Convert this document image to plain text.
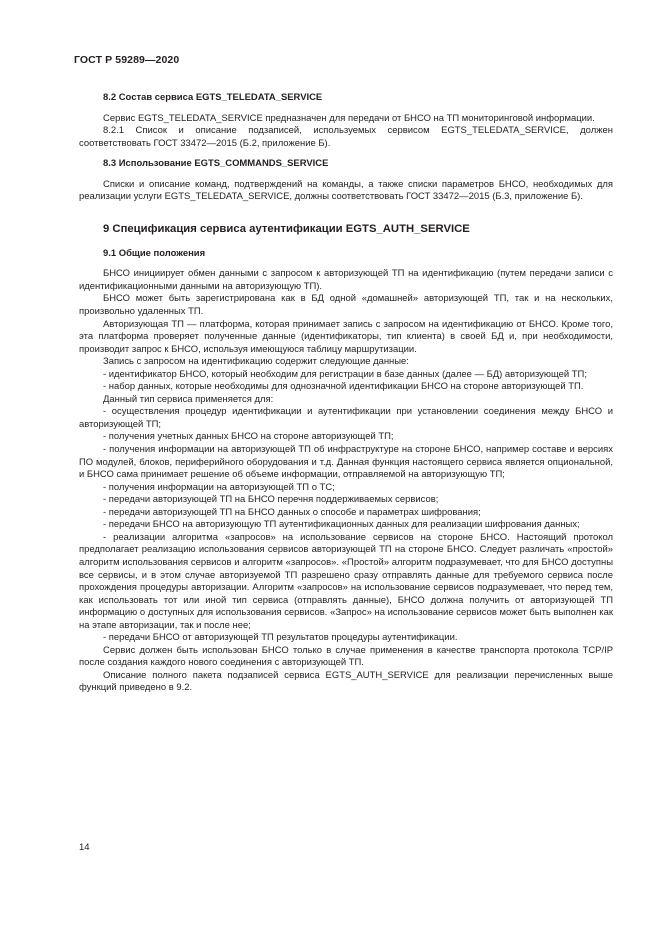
ГОСТ Р 59289—2020
8.2 Состав сервиса EGTS_TELEDATA_SERVICE

Сервис EGTS_TELEDATA_SERVICE предназначен для передачи от БНСО на ТП мониторинговой информации.

8.2.1 Список и описание подзаписей, используемых сервисом EGTS_TELEDATA_SERVICE, должен соответствовать ГОСТ 33472—2015 (Б.2, приложение Б).

8.3 Использование EGTS_COMMANDS_SERVICE

Списки и описание команд, подтверждений на команды, а также списки параметров БНСО, необходимых для реализации услуги EGTS_TELEDATA_SERVICE, должны соответствовать ГОСТ 33472—2015 (Б.3, приложение Б).

9 Спецификация сервиса аутентификации EGTS_AUTH_SERVICE
9.1 Общие положения

БНСО инициирует обмен данными с запросом к авторизующей ТП на идентификацию (путем передачи записи с идентификационными данными на авторизующую ТП).

БНСО может быть зарегистрирована как в БД одной «домашней» авторизующей ТП, так и на нескольких, произвольно удаленных ТП.

Авторизующая ТП — платформа, которая принимает запись с запросом на идентификацию от БНСО. Кроме того, эта платформа проверяет полученные данные (идентификаторы, тип клиента) в своей БД и, при необходимости, производит запрос к БНСО, используя имеющуюся таблицу маршрутизации.

Запись с запросом на идентификацию содержит следующие данные:

- идентификатор БНСО, который необходим для регистрации в базе данных (далее — БД) авторизующей ТП;

- набор данных, которые необходимы для однозначной идентификации БНСО на стороне авторизующей ТП.

Данный тип сервиса применяется для:

- осуществления процедур идентификации и аутентификации при установлении соединения между БНСО и авторизующей ТП;

- получения учетных данных БНСО на стороне авторизующей ТП;

- получения информации на авторизующей ТП об инфраструктуре на стороне БНСО, например составе и версиях ПО модулей, блоков, периферийного оборудования и т.д. Данная функция настоящего сервиса является опциональной, и БНСО сама принимает решение об объеме информации, отправляемой на авторизующую ТП;

- получения информации на авторизующей ТП о ТС;

- передачи авторизующей ТП на БНСО перечня поддерживаемых сервисов;

- передачи авторизующей ТП на БНСО данных о способе и параметрах шифрования;

- передачи БНСО на авторизующую ТП аутентификационных данных для реализации шифрования данных;

- реализации алгоритма «запросов» на использование сервисов на стороне БНСО. Настоящий протокол предполагает реализацию использования сервисов авторизующей ТП на стороне БНСО. Следует различать «простой» алгоритм использования сервисов и алгоритм «запросов». «Простой» алгоритм подразумевает, что для БНСО доступны все сервисы, и в этом случае авторизуемой ТП разрешено сразу отправлять данные для требуемого сервиса после прохождения процедуры авторизации. Алгоритм «запросов» на использование сервисов подразумевает, что перед тем, как использовать тот или иной тип сервиса (отправлять данные), БНСО должна получить от авторизующей ТП информацию о доступных для использования сервисов. «Запрос» на использование сервисов может быть выполнен как на этапе авторизации, так и после нее;

- передачи БНСО от авторизующей ТП результатов процедуры аутентификации.

Сервис должен быть использован БНСО только в случае применения в качестве транспорта протокола TCP/IP после создания каждого нового соединения с авторизующей ТП.

Описание полного пакета подзаписей сервиса EGTS_AUTH_SERVICE для реализации перечисленных выше функций приведено в 9.2.

14
